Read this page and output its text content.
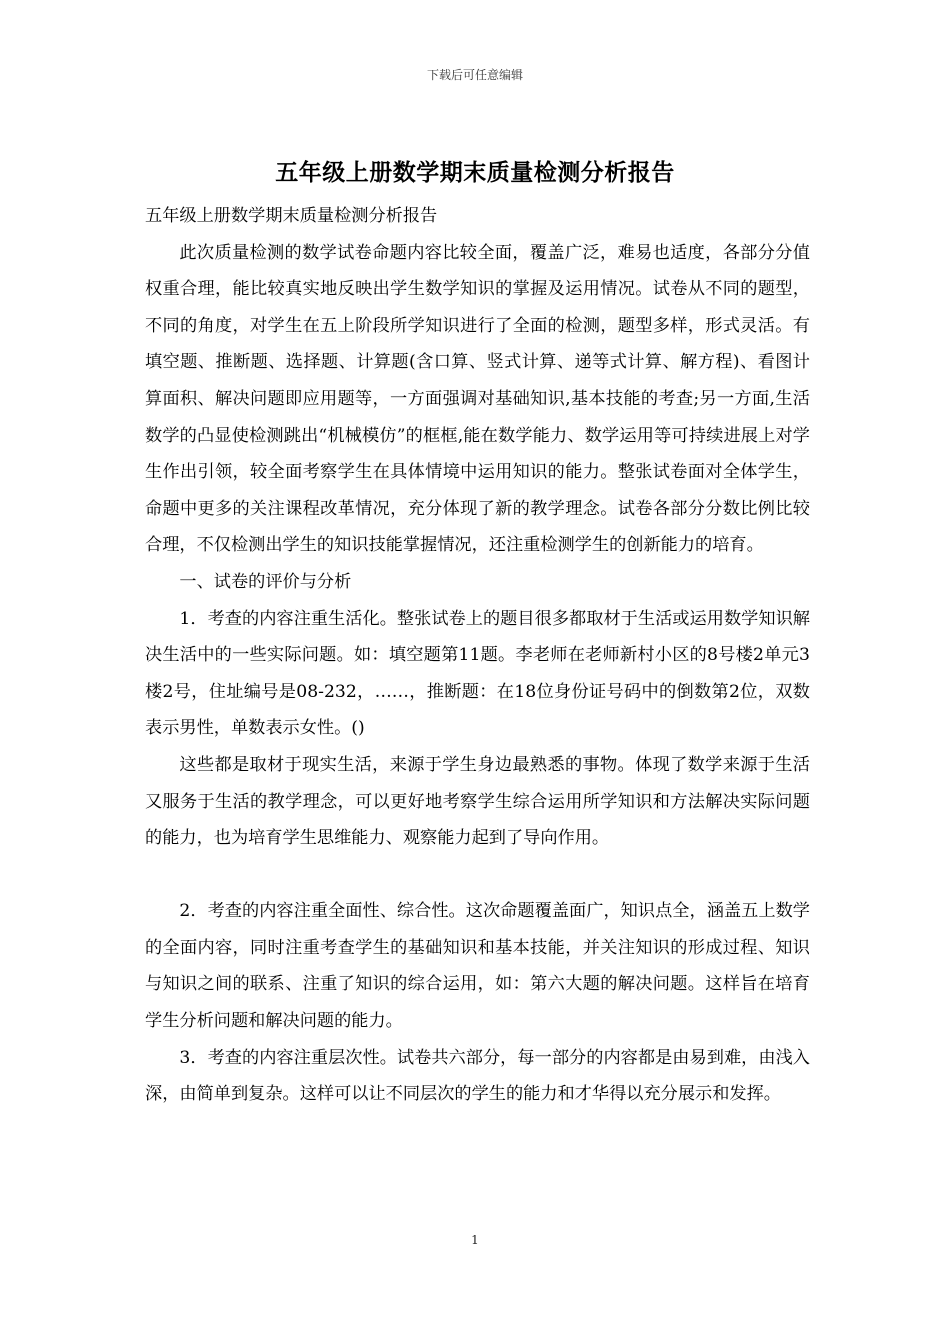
下载后可任意编辑
五年级上册数学期末质量检测分析报告

五年级上册数学期末质量检测分析报告

此次质量检测的数学试卷命题内容比较全面，覆盖广泛，难易也适度，各部分分值权重合理，能比较真实地反映出学生数学知识的掌握及运用情况。试卷从不同的题型，不同的角度，对学生在五上阶段所学知识进行了全面的检测，题型多样，形式灵活。有填空题、推断题、选择题、计算题(含口算、竖式计算、递等式计算、解方程)、看图计算面积、解决问题即应用题等，一方面强调对基础知识,基本技能的考查;另一方面,生活数学的凸显使检测跳出“机械模仿”的框框,能在数学能力、数学运用等可持续进展上对学生作出引领，较全面考察学生在具体情境中运用知识的能力。整张试卷面对全体学生，命题中更多的关注课程改革情况，充分体现了新的教学理念。试卷各部分分数比例比较合理，不仅检测出学生的知识技能掌握情况，还注重检测学生的创新能力的培育。

一、试卷的评价与分析

1．考查的内容注重生活化。整张试卷上的题目很多都取材于生活或运用数学知识解决生活中的一些实际问题。如：填空题第11题。李老师在老师新村小区的8号楼2单元3楼2号，住址编号是08-232，……，推断题：在18位身份证号码中的倒数第2位，双数表示男性，单数表示女性。()

这些都是取材于现实生活，来源于学生身边最熟悉的事物。体现了数学来源于生活又服务于生活的教学理念，可以更好地考察学生综合运用所学知识和方法解决实际问题的能力，也为培育学生思维能力、观察能力起到了导向作用。

2．考查的内容注重全面性、综合性。这次命题覆盖面广，知识点全，涵盖五上数学的全面内容，同时注重考查学生的基础知识和基本技能，并关注知识的形成过程、知识与知识之间的联系、注重了知识的综合运用，如：第六大题的解决问题。这样旨在培育学生分析问题和解决问题的能力。

3．考查的内容注重层次性。试卷共六部分，每一部分的内容都是由易到难，由浅入深，由简单到复杂。这样可以让不同层次的学生的能力和才华得以充分展示和发挥。

1
